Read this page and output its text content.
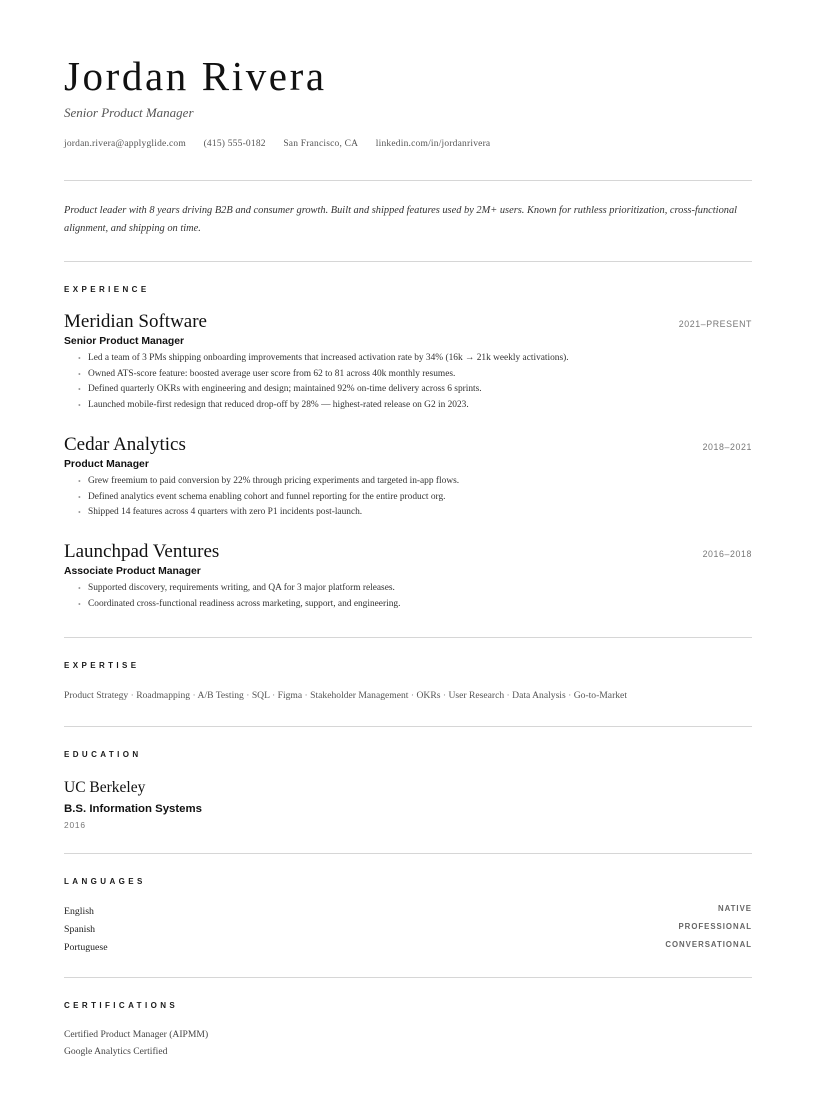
Jordan Rivera
Senior Product Manager
jordan.rivera@applyglide.com (415) 555-0182 San Francisco, CA linkedin.com/in/jordanrivera
Product leader with 8 years driving B2B and consumer growth. Built and shipped features used by 2M+ users. Known for ruthless prioritization, cross-functional alignment, and shipping on time.
EXPERIENCE
Meridian Software	2021–PRESENT
Senior Product Manager
• Led a team of 3 PMs shipping onboarding improvements that increased activation rate by 34% (16k → 21k weekly activations).
• Owned ATS-score feature: boosted average user score from 62 to 81 across 40k monthly resumes.
• Defined quarterly OKRs with engineering and design; maintained 92% on-time delivery across 6 sprints.
• Launched mobile-first redesign that reduced drop-off by 28% — highest-rated release on G2 in 2023.
Cedar Analytics	2018–2021
Product Manager
• Grew freemium to paid conversion by 22% through pricing experiments and targeted in-app flows.
• Defined analytics event schema enabling cohort and funnel reporting for the entire product org.
• Shipped 14 features across 4 quarters with zero P1 incidents post-launch.
Launchpad Ventures	2016–2018
Associate Product Manager
• Supported discovery, requirements writing, and QA for 3 major platform releases.
• Coordinated cross-functional readiness across marketing, support, and engineering.
EXPERTISE
Product Strategy · Roadmapping · A/B Testing · SQL · Figma · Stakeholder Management · OKRs · User Research · Data Analysis · Go-to-Market
EDUCATION
UC Berkeley
B.S. Information Systems
2016
LANGUAGES
English	NATIVE
Spanish	PROFESSIONAL
Portuguese	CONVERSATIONAL
CERTIFICATIONS
Certified Product Manager (AIPMM)
Google Analytics Certified
